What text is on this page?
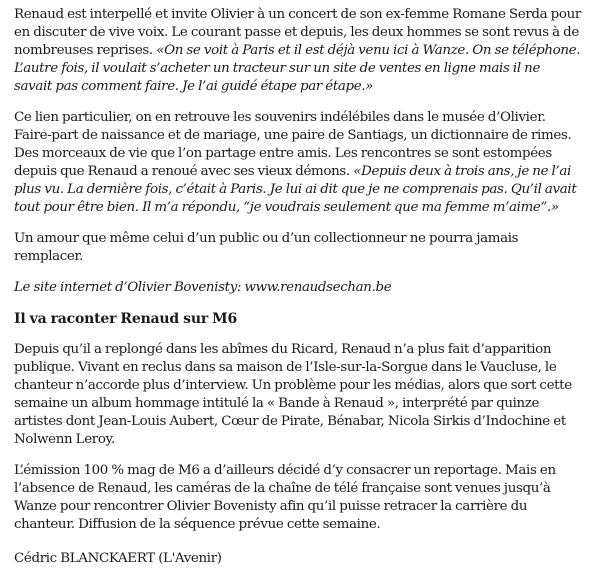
Renaud est interpellé et invite Olivier à un concert de son ex-femme Romane Serda pour en discuter de vive voix. Le courant passe et depuis, les deux hommes se sont revus à de nombreuses reprises. «On se voit à Paris et il est déjà venu ici à Wanze. On se téléphone. L’autre fois, il voulait s’acheter un tracteur sur un site de ventes en ligne mais il ne savait pas comment faire. Je l’ai guidé étape par étape.»

Ce lien particulier, on en retrouve les souvenirs indélébiles dans le musée d’Olivier. Faire-part de naissance et de mariage, une paire de Santiags, un dictionnaire de rimes. Des morceaux de vie que l’on partage entre amis. Les rencontres se sont estompées depuis que Renaud a renoué avec ses vieux démons. «Depuis deux à trois ans, je ne l’ai plus vu. La dernière fois, c’était à Paris. Je lui ai dit que je ne comprenais pas. Qu’il avait tout pour être bien. Il m’a répondu, “je voudrais seulement que ma femme m’aime”.»

Un amour que même celui d’un public ou d’un collectionneur ne pourra jamais remplacer.

Le site internet d’Olivier Bovenisty: www.renaudsechan.be

Il va raconter Renaud sur M6

Depuis qu’il a replongé dans les abîmes du Ricard, Renaud n’a plus fait d’apparition publique. Vivant en reclus dans sa maison de l’Isle-sur-la-Sorgue dans le Vaucluse, le chanteur n’accorde plus d’interview. Un problème pour les médias, alors que sort cette semaine un album hommage intitulé la « Bande à Renaud », interprété par quinze artistes dont Jean-Louis Aubert, Cœur de Pirate, Bénabar, Nicola Sirkis d’Indochine et Nolwenn Leroy.

L’émission 100 % mag de M6 a d’ailleurs décidé d’y consacrer un reportage. Mais en l’absence de Renaud, les caméras de la chaîne de télé française sont venues jusqu’à Wanze pour rencontrer Olivier Bovenisty afin qu’il puisse retracer la carrière du chanteur. Diffusion de la séquence prévue cette semaine.

Cédric BLANCKAERT (L'Avenir)
